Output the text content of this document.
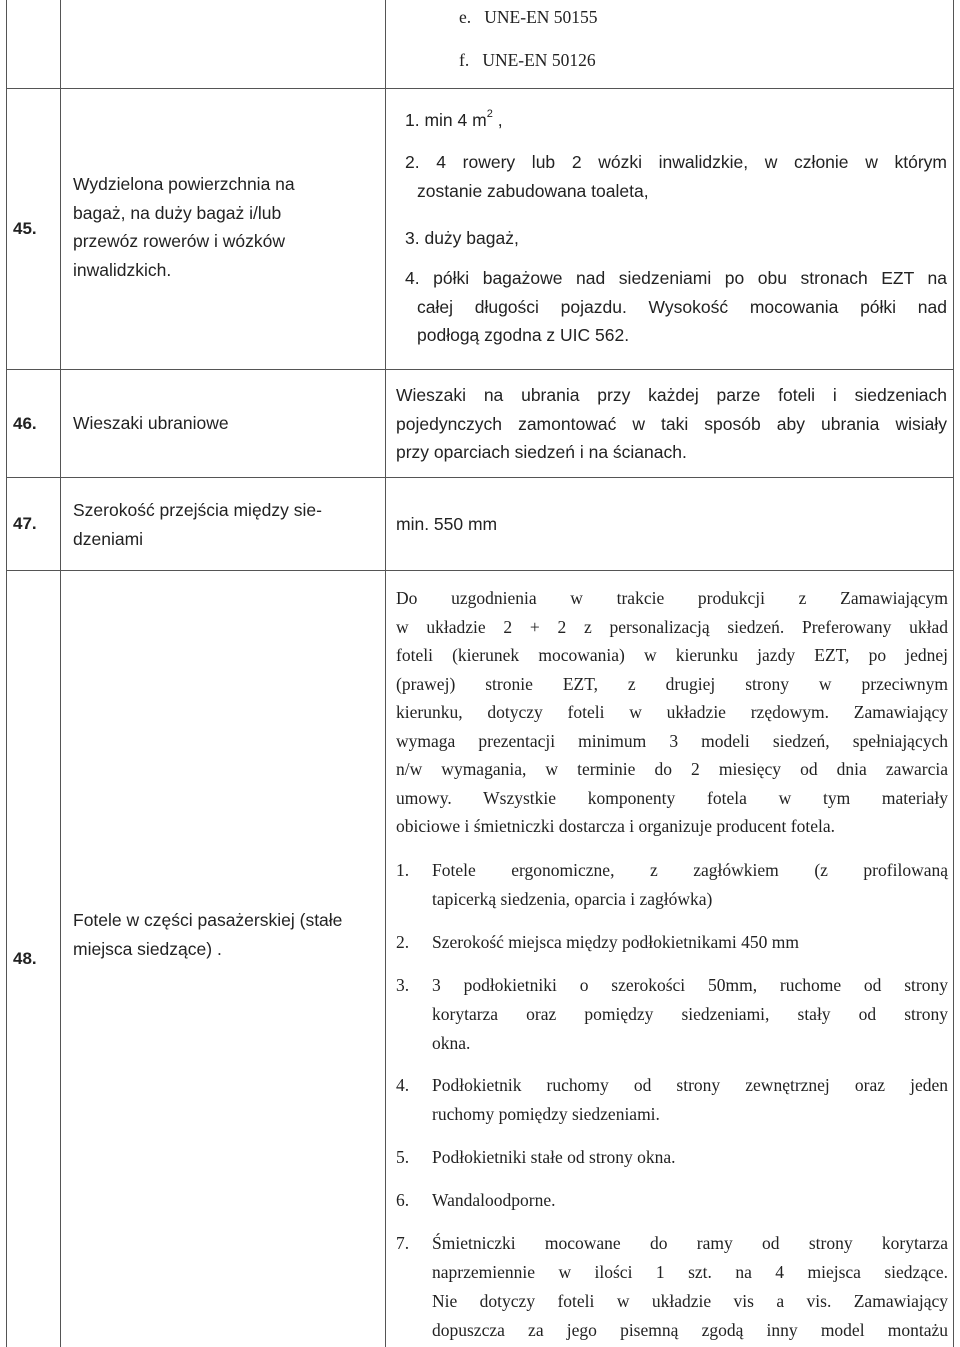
e. UNE-EN 50155
f. UNE-EN 50126
45.
Wydzielona powierzchnia na
bagaż, na duży bagaż i/lub
przewóz rowerów i wózków
inwalidzkich.
1. min 4 $m^2$ ,
2. 4 rowery lub 2 wózki inwalidzkie, w członie w którym
zostanie zabudowana toaleta,
3. duży bagaż,
4. półki bagażowe nad siedzeniami po obu stronach EZT na
całej długości pojazdu. Wysokość mocowania półki nad
podłogą zgodna z UIC 562.
46. Wieszaki ubraniowe
Wieszaki na ubrania przy każdej parze foteli i siedzeniach
pojedynczych zamontować w taki sposób aby ubrania wisiały
przy oparciach siedzeń i na ścianach.
47.
Szerokość przejścia między sie-
dzeniami
min. 550 mm
48.
Fotele w części pasażerskiej (stałe
miejsca siedzące) .
Do uzgodnienia w trakcie produkcji z Zamawiającym
w układzie 2 + 2 z personalizacją siedzeń. Preferowany układ
foteli (kierunek mocowania) w kierunku jazdy EZT, po jednej
(prawej) stronie EZT, z drugiej strony w przeciwnym
kierunku, dotyczy foteli w układzie rzędowym. Zamawiający
wymaga prezentacji minimum 3 modeli siedzeń, spełniających
n/w wymagania, w terminie do 2 miesięcy od dnia zawarcia
umowy. Wszystkie komponenty fotela w tym materiały
obiciowe i śmietniczki dostarcza i organizuje producent fotela.
1. Fotele ergonomiczne, z zagłówkiem (z profilowaną
tapicerką siedzenia, oparcia i zagłówka)
2. Szerokość miejsca między podłokietnikami 450 mm
3. 3 podłokietniki o szerokości 50mm, ruchome od strony
korytarza oraz pomiędzy siedzeniami, stały od strony
okna.
4. Podłokietnik ruchomy od strony zewnętrznej oraz jeden
ruchomy pomiędzy siedzeniami.
5. Podłokietniki stałe od strony okna.
6. Wandaloodporne.
7. Śmietniczki mocowane do ramy od strony korytarza
naprzemiennie w ilości 1 szt. na 4 miejsca siedzące.
Nie dotyczy foteli w układzie vis a vis. Zamawiający
dopuszcza za jego pisemną zgodą inny model montażu
